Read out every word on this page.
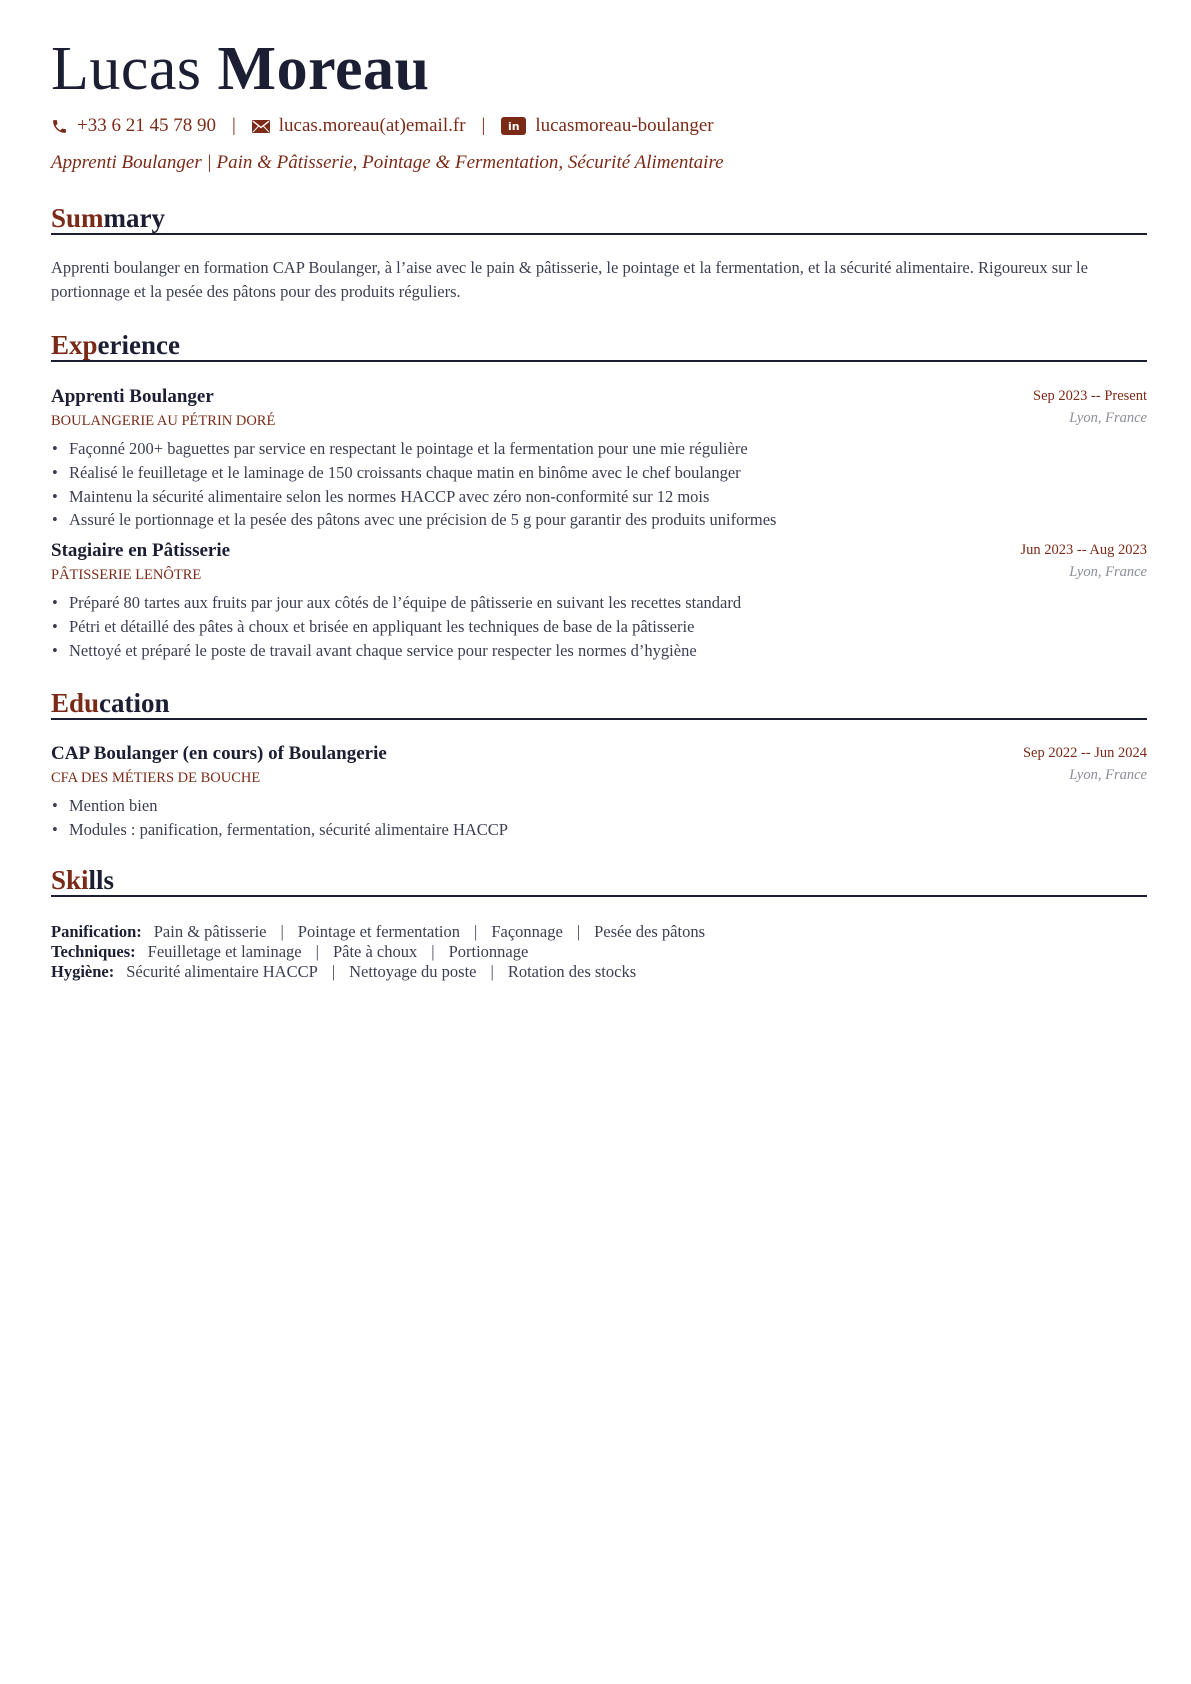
Lucas Moreau
+33 6 21 45 78 90 | lucas.moreau(at)email.fr |	in lucasmoreau-boulanger
Apprenti Boulanger | Pain & Pâtisserie, Pointage & Fermentation, Sécurité Alimentaire
Summary

Apprenti boulanger en formation CAP Boulanger, à l’aise avec le pain & pâtisserie, le pointage et la fermentation, et la sécurité alimentaire. Rigoureux sur le portionnage et la pesée des pâtons pour des produits réguliers.

Experience
Apprenti Boulanger	Sep 2023 -- Present
BOULANGERIE AU PÉTRIN DORÉ	Lyon, France
• Façonné 200+ baguettes par service en respectant le pointage et la fermentation pour une mie régulière
• Réalisé le feuilletage et le laminage de 150 croissants chaque matin en binôme avec le chef boulanger
• Maintenu la sécurité alimentaire selon les normes HACCP avec zéro non-conformité sur 12 mois
• Assuré le portionnage et la pesée des pâtons avec une précision de 5 g pour garantir des produits uniformes
Stagiaire en Pâtisserie	Jun 2023 -- Aug 2023
PÂTISSERIE LENÔTRE	Lyon, France
• Préparé 80 tartes aux fruits par jour aux côtés de l’équipe de pâtisserie en suivant les recettes standard
• Pétri et détaillé des pâtes à choux et brisée en appliquant les techniques de base de la pâtisserie
• Nettoyé et préparé le poste de travail avant chaque service pour respecter les normes d’hygiène
Education
CAP Boulanger (en cours) of Boulangerie	Sep 2022 -- Jun 2024
CFA DES MÉTIERS DE BOUCHE	Lyon, France
• Mention bien
• Modules : panification, fermentation, sécurité alimentaire HACCP
Skills
Panification: Pain & pâtisserie | Pointage et fermentation | Façonnage | Pesée des pâtons
Techniques: Feuilletage et laminage | Pâte à choux | Portionnage
Hygiène: Sécurité alimentaire HACCP | Nettoyage du poste | Rotation des stocks
